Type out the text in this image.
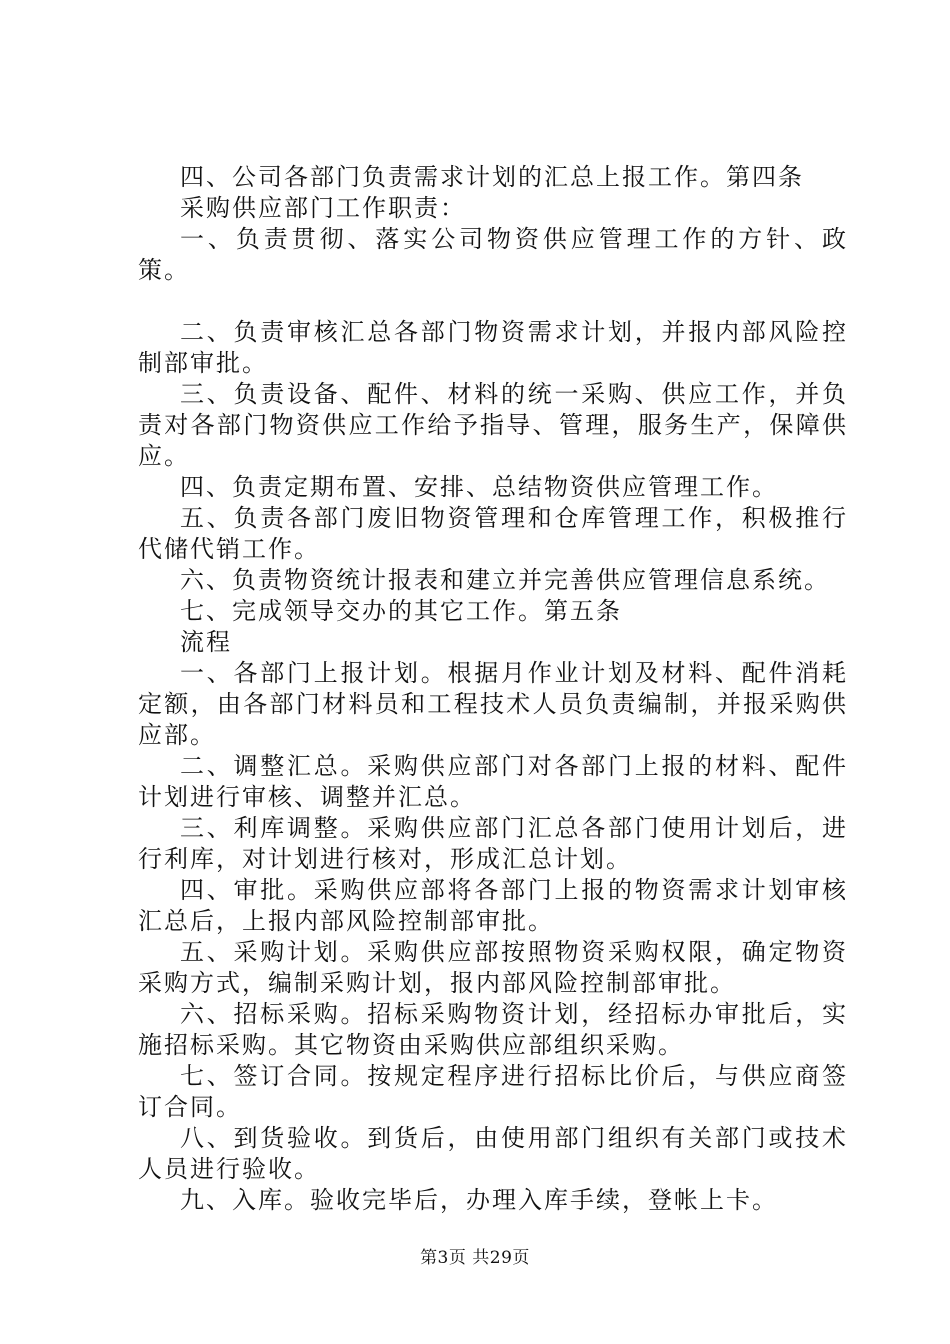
四、公司各部门负责需求计划的汇总上报工作。第四条

采购供应部门工作职责：

一、负责贯彻、落实公司物资供应管理工作的方针、政策。

二、负责审核汇总各部门物资需求计划，并报内部风险控制部审批。

三、负责设备、配件、材料的统一采购、供应工作，并负责对各部门物资供应工作给予指导、管理，服务生产，保障供应。

四、负责定期布置、安排、总结物资供应管理工作。

五、负责各部门废旧物资管理和仓库管理工作，积极推行代储代销工作。

六、负责物资统计报表和建立并完善供应管理信息系统。

七、完成领导交办的其它工作。第五条

流程

一、各部门上报计划。根据月作业计划及材料、配件消耗定额，由各部门材料员和工程技术人员负责编制，并报采购供应部。

二、调整汇总。采购供应部门对各部门上报的材料、配件计划进行审核、调整并汇总。

三、利库调整。采购供应部门汇总各部门使用计划后，进行利库，对计划进行核对，形成汇总计划。

四、审批。采购供应部将各部门上报的物资需求计划审核汇总后，上报内部风险控制部审批。

五、采购计划。采购供应部按照物资采购权限，确定物资采购方式，编制采购计划，报内部风险控制部审批。

六、招标采购。招标采购物资计划，经招标办审批后，实施招标采购。其它物资由采购供应部组织采购。

七、签订合同。按规定程序进行招标比价后，与供应商签订合同。

八、到货验收。到货后，由使用部门组织有关部门或技术人员进行验收。

九、入库。验收完毕后，办理入库手续，登帐上卡。

第3页 共29页
